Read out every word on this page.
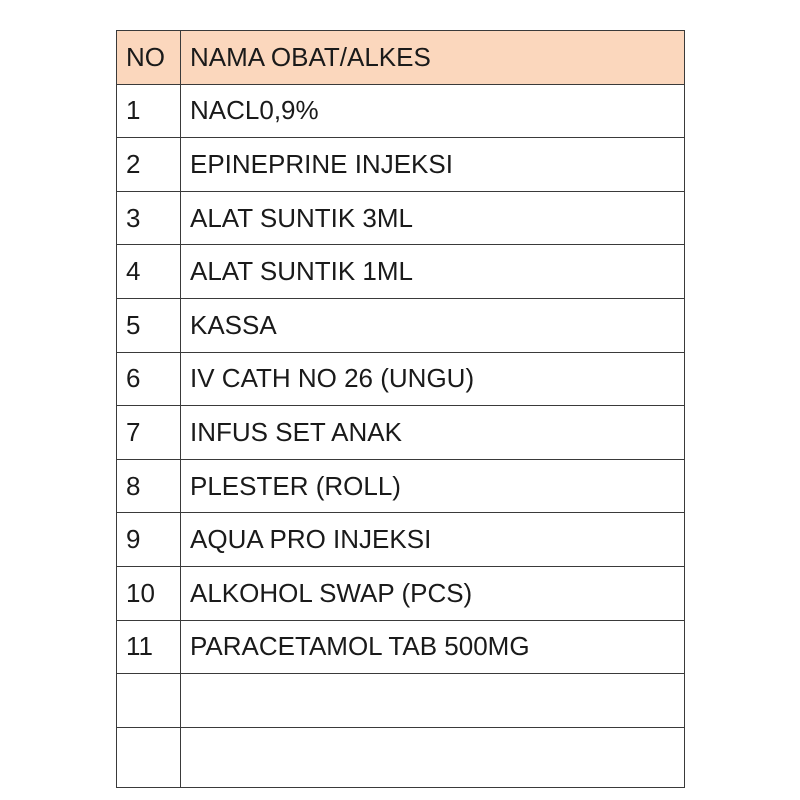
NO	NAMA OBAT/ALKES
1	NACL0,9%
2	EPINEPRINE INJEKSI
3	ALAT SUNTIK 3ML
4	ALAT SUNTIK 1ML
5	KASSA
6	IV CATH NO 26 (UNGU)
7	INFUS SET ANAK
8	PLESTER (ROLL)
9	AQUA PRO INJEKSI
10	ALKOHOL SWAP (PCS)
11	PARACETAMOL TAB 500MG
